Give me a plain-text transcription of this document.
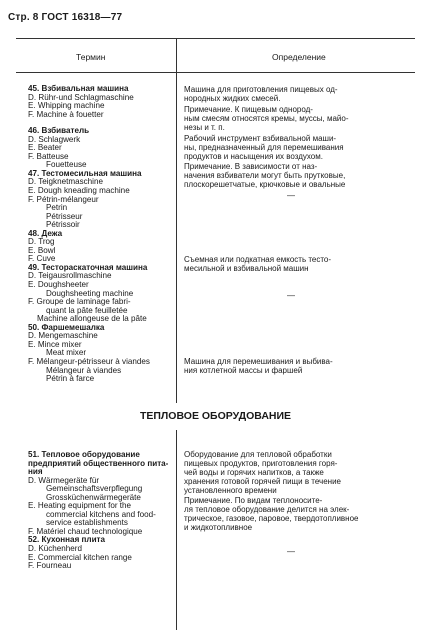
Стр. 8 ГОСТ 16318—77
Термин	Определение
45. Взбивальная машина
D. Rühr-und Schlagmaschine
E. Whipping machine
F. Machine à fouetter
46. Взбиватель
D. Schlagwerk
E. Beater
F. Batteuse
Fouetteuse
47. Тестомесильная машина
D. Teigknetmaschine
E. Dough kneading machine
F. Pétrin-mélangeur
Petrin
Pétrisseur
Pétrissoir
48. Дежа
D. Trog
E. Bowl
F. Cuve
49. Тестораскаточная машина
D. Teigausrollmaschine
E. Doughsheeter
Doughsheeting machine
F. Groupe de laminage fabri-
quant la pâte feuilletée
Machine allongeuse de la pâte
50. Фаршемешалка
D. Mengemaschine
E. Mince mixer
Meat mixer
F. Mélangeur-pétrisseur à viandes
Mélangeur à viandes
Pétrin à farce
51. Тепловое оборудование
предприятий общественного пита-
ния
D. Wärmegeräte für
Gemeinschaftsverpflegung
Grossküchenwärmegeräte
E. Heating equipment for the
commercial kitchens and food-
service establishments
F. Matériel chaud technologique
52. Кухонная плита
D. Küchenherd
E. Commercial kitchen range
F. Fourneau
Машина для приготовления пищевых од-
нородных жидких смесей.
Примечание. К пищевым однород-
ным смесям относятся кремы, муссы, майо-
незы и т. п.
Рабочий инструмент взбивальной маши-
ны, предназначенный для перемешивания
продуктов и насыщения их воздухом.
Примечание. В зависимости от наз-
начения взбиватели могут быть прутковые,
плоскорешетчатые, крючковые и овальные
—
Съемная или подкатная емкость тесто-
месильной и взбивальной машин
—
Машина для перемешивания и выбива-
ния котлетной массы и фаршей
Оборудование для тепловой обработки
пищевых продуктов, приготовления горя-
чей воды и горячих напитков, а также
хранения готовой горячей пищи в течение
установленного времени
Примечание. По видам теплоносите-
ля тепловое оборудование делится на элек-
трическое, газовое, паровое, твердотопливное
и жидкотопливное
—
ТЕПЛОВОЕ ОБОРУДОВАНИЕ
